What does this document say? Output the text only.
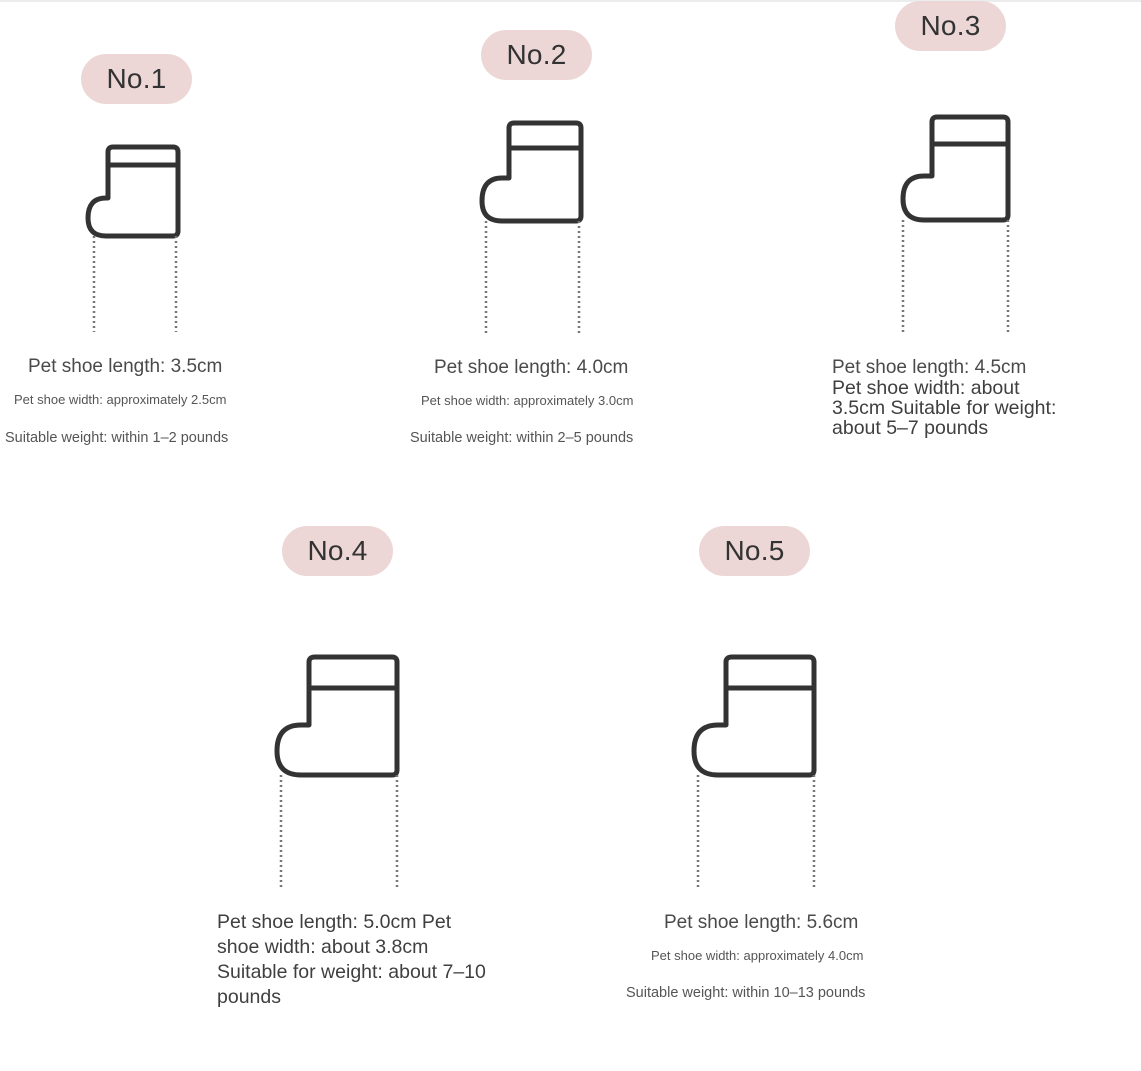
No.1
Pet shoe length: 3.5cm
Pet shoe width: approximately 2.5cm
Suitable weight: within 1–2 pounds
No.2
Pet shoe length: 4.0cm
Pet shoe width: approximately 3.0cm
Suitable weight: within 2–5 pounds
No.3
Pet shoe length: 4.5cm
Pet shoe width: about 3.5cm Suitable for weight: about 5–7 pounds
No.4
Pet shoe length: 5.0cm Pet shoe width: about 3.8cm Suitable for weight: about 7–10 pounds
No.5
Pet shoe length: 5.6cm
Pet shoe width: approximately 4.0cm
Suitable weight: within 10–13 pounds
